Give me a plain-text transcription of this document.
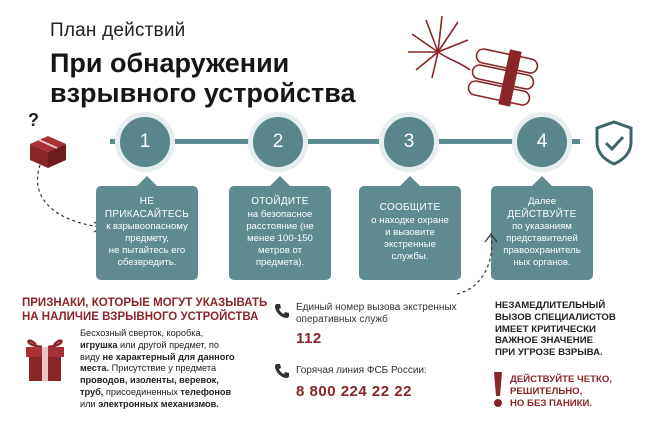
План действий
При обнаружении
взрывного устройства
?
1	2	3	4
НЕ
ПРИКАСАЙТЕСЬ
к взрывоопасному
предмету,
не пытайтесь его
обезвредить.
ОТОЙДИТЕ
на безопасное
расстояние (не
менее 100-150
метров от
предмета).
СООБЩИТЕ
о находке охране
и вызовите
экстренные
службы.
Далее
ДЕЙСТВУЙТЕ
по указаниям
представителей
правоохранитель
ных органов.
ПРИЗНАКИ, КОТОРЫЕ МОГУТ УКАЗЫВАТЬ
НА НАЛИЧИЕ ВЗРЫВНОГО УСТРОЙСТВА
Бесхозный сверток, коробка,
игрушка или другой предмет, по
виду не характерный для данного
места. Присутствие у предмета
проводов, изоленты, веревок,
труб, присоединенных телефонов
или электронных механизмов.
Единый номер вызова экстренных
оперативных служб
112
Горячая линия ФСБ России:
8 800 224 22 22
НЕЗАМЕДЛИТЕЛЬНЫЙ
ВЫЗОВ СПЕЦИАЛИСТОВ
ИМЕЕТ КРИТИЧЕСКИ
ВАЖНОЕ ЗНАЧЕНИЕ
ПРИ УГРОЗЕ ВЗРЫВА.
ДЕЙСТВУЙТЕ ЧЕТКО,
РЕШИТЕЛЬНО,
НО БЕЗ ПАНИКИ.
